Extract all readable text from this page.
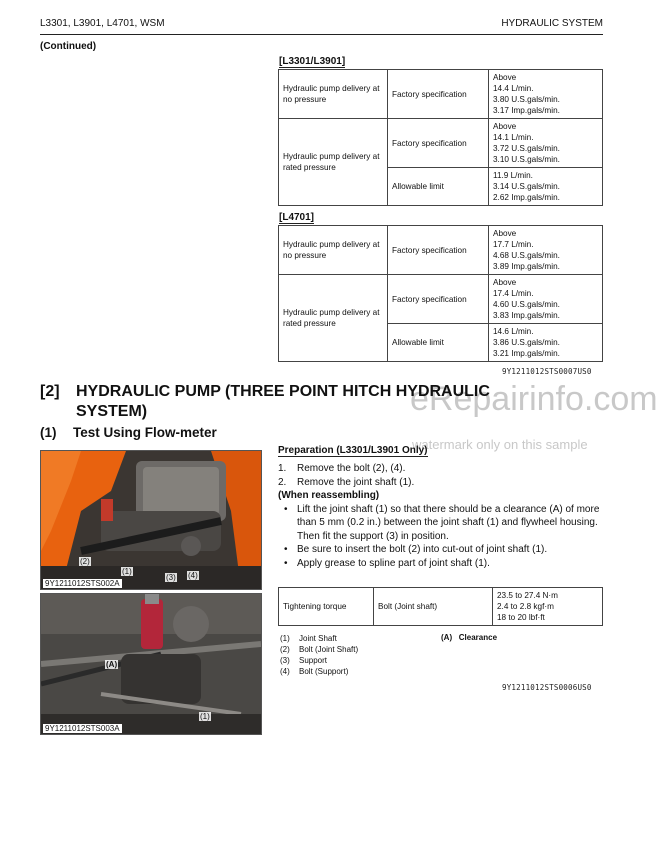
L3301, L3901, L4701, WSM	HYDRAULIC SYSTEM
(Continued)
[L3301/L3901]
Hydraulic pump delivery at no pressure	Factory specification	Above
14.4 L/min.
3.80 U.S.gals/min.
3.17 Imp.gals/min.

Hydraulic pump delivery at rated pressure	Factory specification	Above
14.1 L/min.
3.72 U.S.gals/min.
3.10 U.S.gals/min.

	Allowable limit	11.9 L/min.
3.14 U.S.gals/min.
2.62 Imp.gals/min.
[L4701]
Hydraulic pump delivery at no pressure	Factory specification	Above
17.7 L/min.
4.68 U.S.gals/min.
3.89 Imp.gals/min.

Hydraulic pump delivery at rated pressure	Factory specification	Above
17.4 L/min.
4.60 U.S.gals/min.
3.83 Imp.gals/min.

	Allowable limit	14.6 L/min.
3.86 U.S.gals/min.
3.21 Imp.gals/min.
9Y1211012STS0007US0
eRepairinfo.com
watermark only on this sample
[2] HYDRAULIC PUMP (THREE POINT HITCH HYDRAULIC SYSTEM)
(1) Test Using Flow-meter
(2)
(1)
(3) (4)
9Y1211012STS002A
(A)
(1)
9Y1211012STS003A
Preparation (L3301/L3901 Only)
1.	Remove the bolt (2), (4).
2.	Remove the joint shaft (1).
(When reassembling)
• Lift the joint shaft (1) so that there should be a clearance (A) of more than 5 mm (0.2 in.) between the joint shaft (1) and flywheel housing.
Then fit the support (3) in position.
• Be sure to insert the bolt (2) into cut-out of joint shaft (1).
• Apply grease to spline part of joint shaft (1).
Tightening torque	Bolt (Joint shaft)	
23.5 to 27.4 N·m
2.4 to 2.8 kgf·m
18 to 20 lbf·ft
(1)	Joint Shaft
(2)	Bolt (Joint Shaft)
(3)	Support
(4)	Bolt (Support)
(A) Clearance
9Y1211012STS0006US0
